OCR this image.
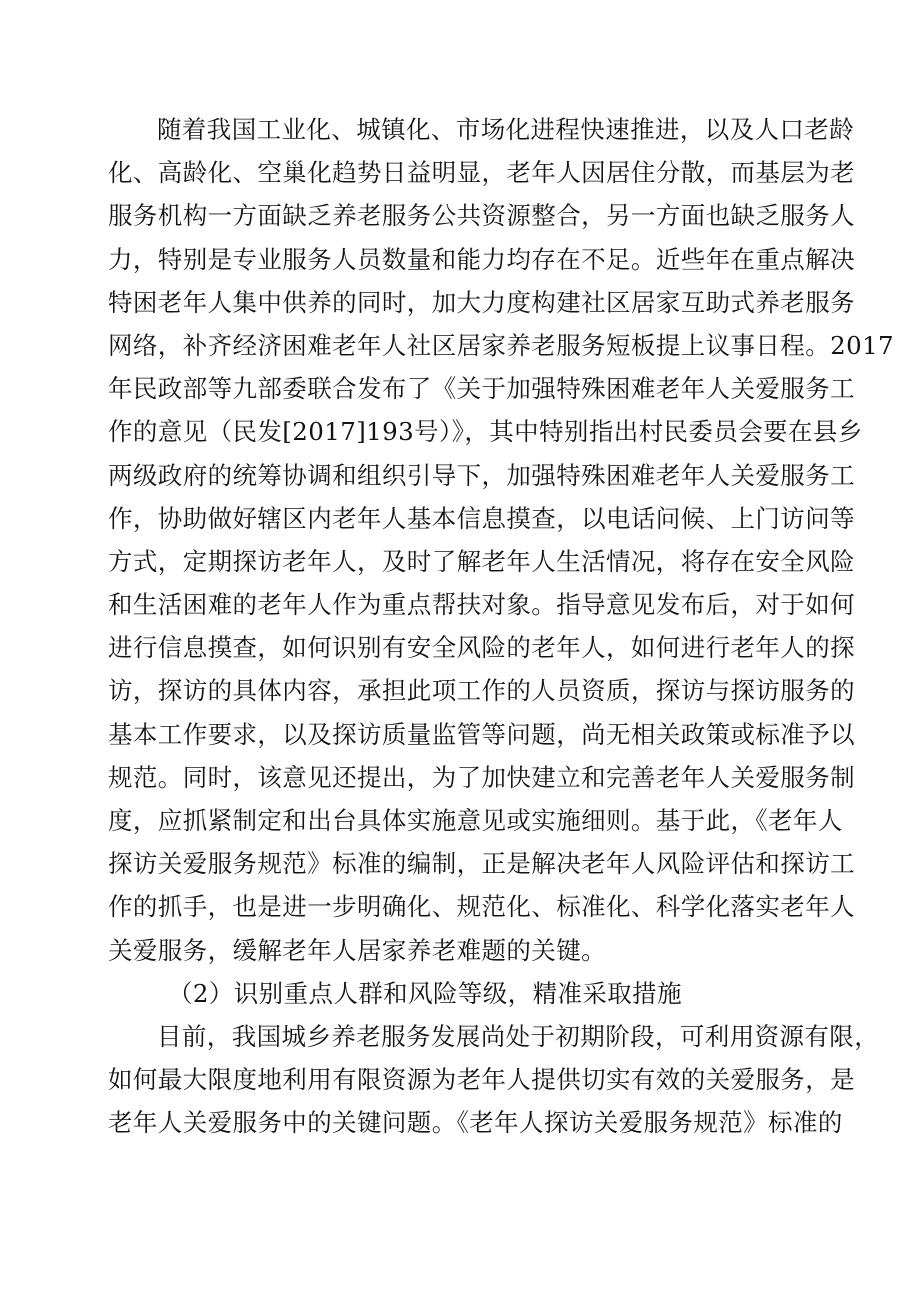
随着我国工业化、城镇化、市场化进程快速推进，以及人口老龄
化、高龄化、空巢化趋势日益明显，老年人因居住分散，而基层为老
服务机构一方面缺乏养老服务公共资源整合，另一方面也缺乏服务人
力，特别是专业服务人员数量和能力均存在不足。近些年在重点解决
特困老年人集中供养的同时，加大力度构建社区居家互助式养老服务
网络，补齐经济困难老年人社区居家养老服务短板提上议事日程。2017
年民政部等九部委联合发布了《关于加强特殊困难老年人关爱服务工
作的意见（民发[2017]193号）》，其中特别指出村民委员会要在县乡
两级政府的统筹协调和组织引导下，加强特殊困难老年人关爱服务工
作，协助做好辖区内老年人基本信息摸查，以电话问候、上门访问等
方式，定期探访老年人，及时了解老年人生活情况，将存在安全风险
和生活困难的老年人作为重点帮扶对象。指导意见发布后，对于如何
进行信息摸查，如何识别有安全风险的老年人，如何进行老年人的探
访，探访的具体内容，承担此项工作的人员资质，探访与探访服务的
基本工作要求，以及探访质量监管等问题，尚无相关政策或标准予以
规范。同时，该意见还提出，为了加快建立和完善老年人关爱服务制
度，应抓紧制定和出台具体实施意见或实施细则。基于此，《老年人
探访关爱服务规范》标准的编制，正是解决老年人风险评估和探访工
作的抓手，也是进一步明确化、规范化、标准化、科学化落实老年人
关爱服务，缓解老年人居家养老难题的关键。
（2）识别重点人群和风险等级，精准采取措施
目前，我国城乡养老服务发展尚处于初期阶段，可利用资源有限，
如何最大限度地利用有限资源为老年人提供切实有效的关爱服务，是
老年人关爱服务中的关键问题。《老年人探访关爱服务规范》标准的
